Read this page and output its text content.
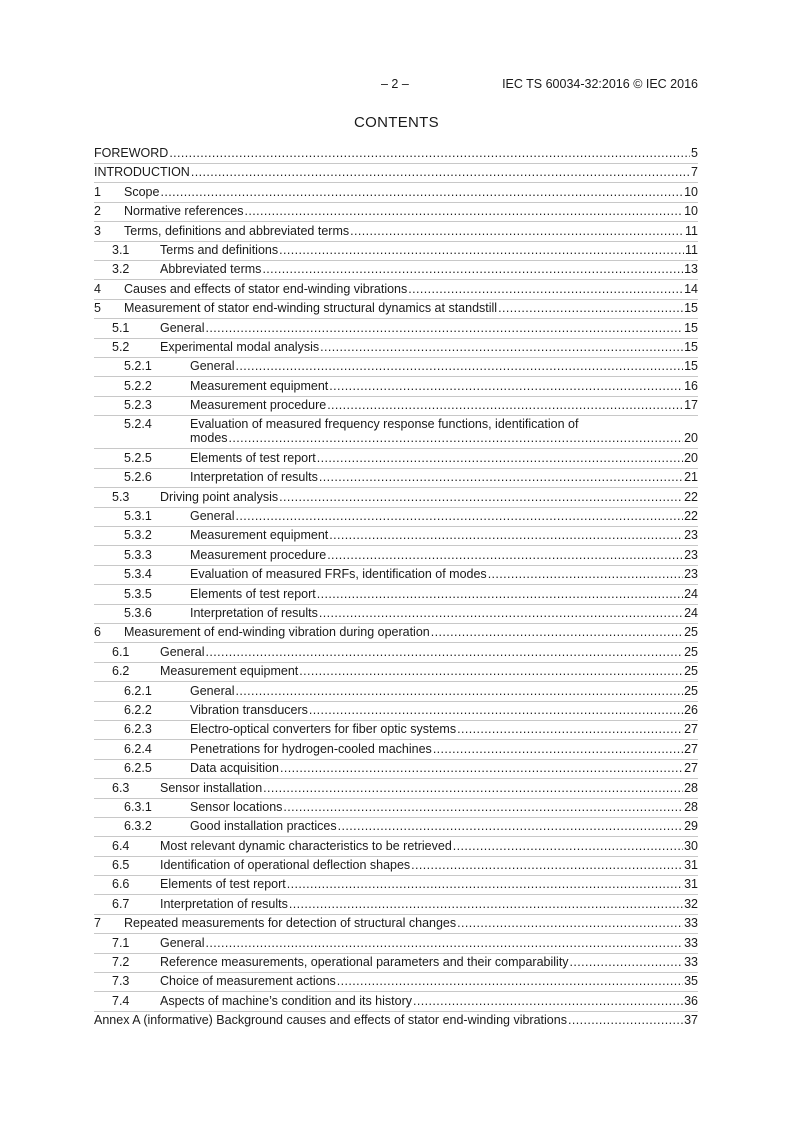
– 2 –	IEC TS 60034-32:2016 © IEC 2016
CONTENTS
FOREWORD .....	5
INTRODUCTION .....	7
1 Scope .....	10
2 Normative references .....	10
3 Terms, definitions and abbreviated terms .....	11
3.1 Terms and definitions .....	11
3.2 Abbreviated terms .....	13
4 Causes and effects of stator end-winding vibrations .....	14
5 Measurement of stator end-winding structural dynamics at standstill .....	15
5.1 General .....	15
5.2 Experimental modal analysis .....	15
5.2.1	General .....	15
5.2.2	Measurement equipment .....	16
5.2.3	Measurement procedure .....	17
5.2.4	Evaluation of measured frequency response functions, identification of
modes .....	20
5.2.5	Elements of test report .....	20
5.2.6	Interpretation of results .....	21
5.3 Driving point analysis .....	22
5.3.1	General .....	22
5.3.2	Measurement equipment .....	23
5.3.3	Measurement procedure .....	23
5.3.4	Evaluation of measured FRFs, identification of modes .....	23
5.3.5	Elements of test report .....	24
5.3.6	Interpretation of results .....	24
6 Measurement of end-winding vibration during operation .....	25
6.1 General .....	25
6.2 Measurement equipment .....	25
6.2.1	General .....	25
6.2.2	Vibration transducers .....	26
6.2.3	Electro-optical converters for fiber optic systems .....	27
6.2.4	Penetrations for hydrogen-cooled machines .....	27
6.2.5	Data acquisition .....	27
6.3 Sensor installation .....	28
6.3.1	Sensor locations .....	28
6.3.2	Good installation practices .....	29
6.4 Most relevant dynamic characteristics to be retrieved .....	30
6.5 Identification of operational deflection shapes .....	31
6.6 Elements of test report .....	31
6.7 Interpretation of results .....	32
7 Repeated measurements for detection of structural changes .....	33
7.1 General .....	33
7.2 Reference measurements, operational parameters and their comparability .....	33
7.3 Choice of measurement actions .....	35
7.4 Aspects of machine’s condition and its history .....	36
Annex A (informative) Background causes and effects of stator end-winding vibrations .....	37
